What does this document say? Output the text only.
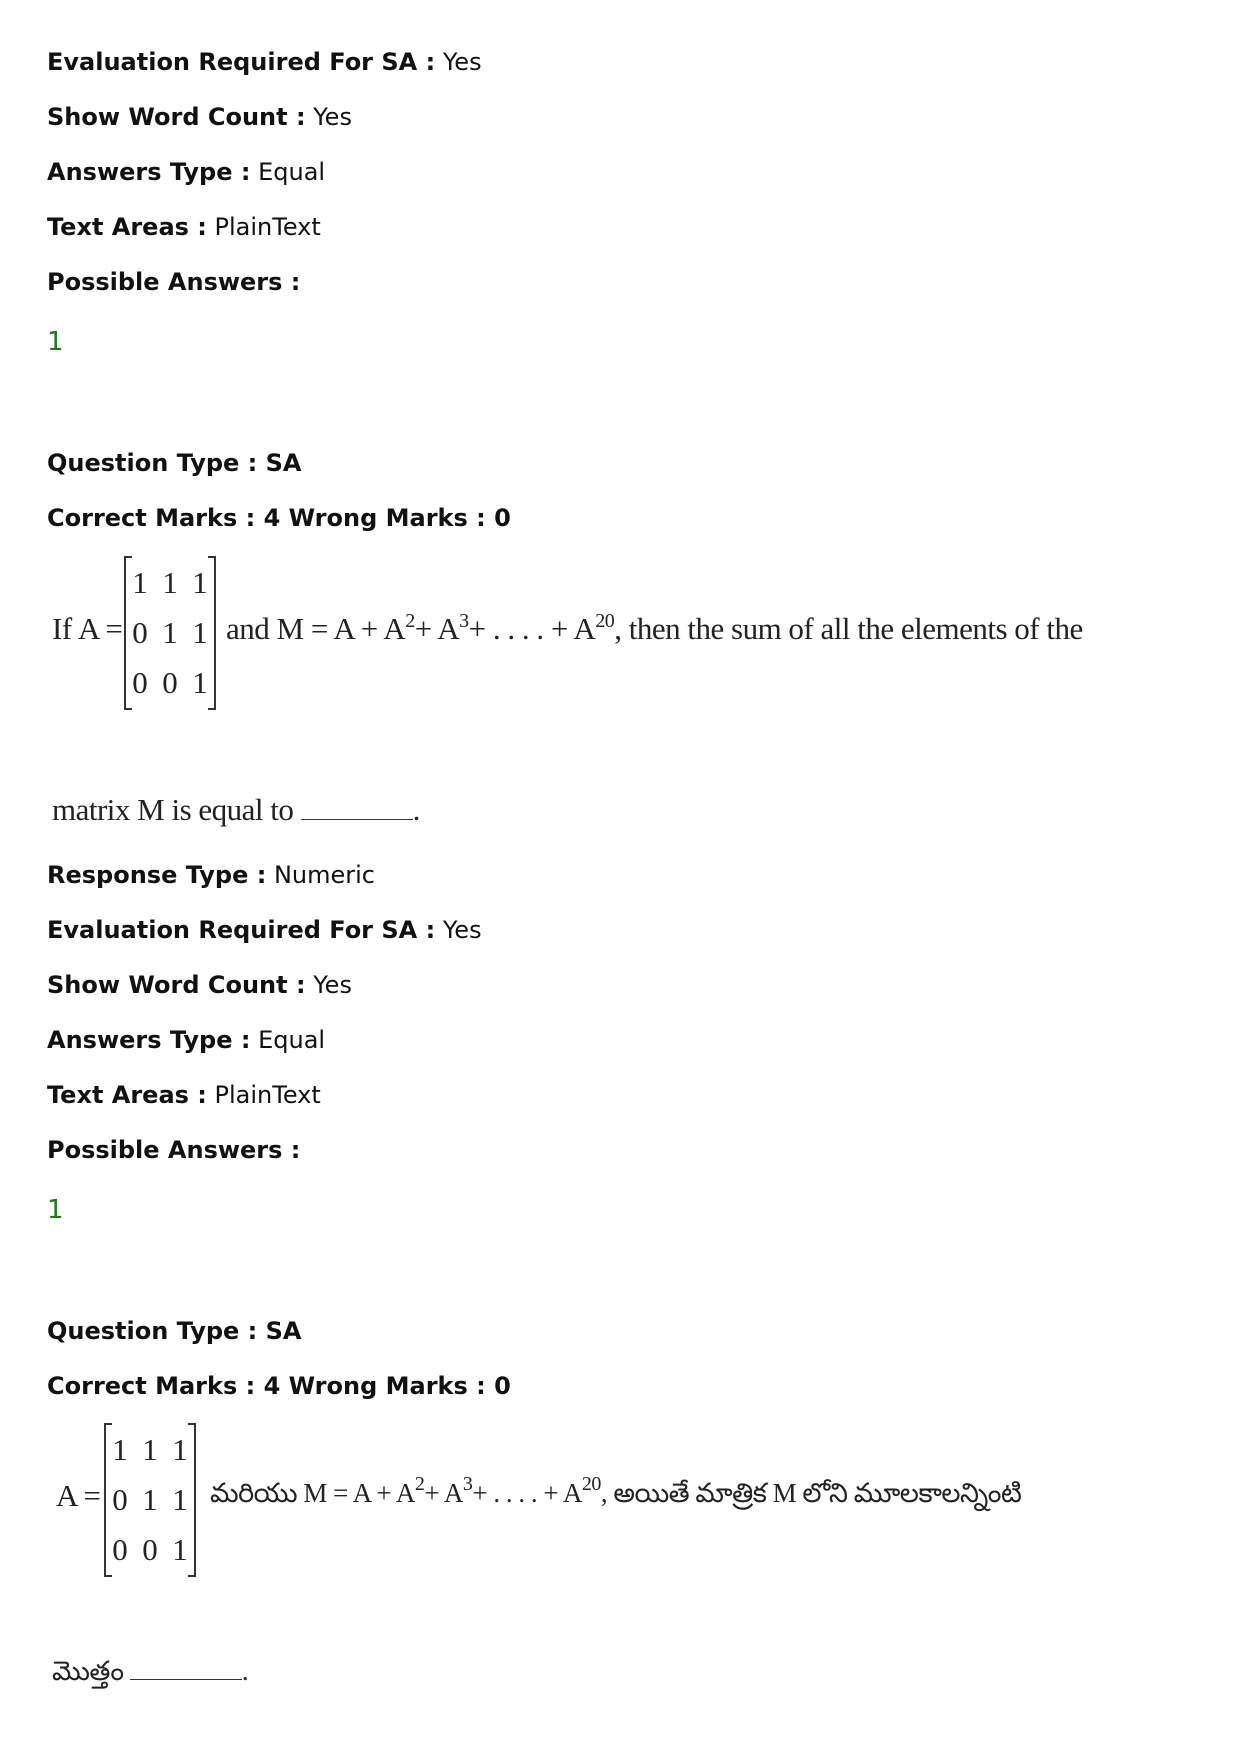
Evaluation Required For SA : Yes
Show Word Count : Yes
Answers Type : Equal
Text Areas : PlainText
Possible Answers :
1
Question Type : SA
Correct Marks : 4 Wrong Marks : 0
If A =
1 1 1
0 1 1
0 0 1
and $M = A + A^2+ A^3+$ . . . . + $A^{20}$, then the sum of all the elements of the
matrix M is equal to	.
Response Type : Numeric
Evaluation Required For SA : Yes
Show Word Count : Yes
Answers Type : Equal
Text Areas : PlainText
Possible Answers :
1
Question Type : SA
Correct Marks : 4 Wrong Marks : 0
A =
1 1 1
0 1 1
0 0 1
మరియు $M = A + A^2+ A^3+$ . . . . + $A^{20}$, అయితే మాత్రిక M లోని మూలకాలన్నింటి
మొత్తం	.
